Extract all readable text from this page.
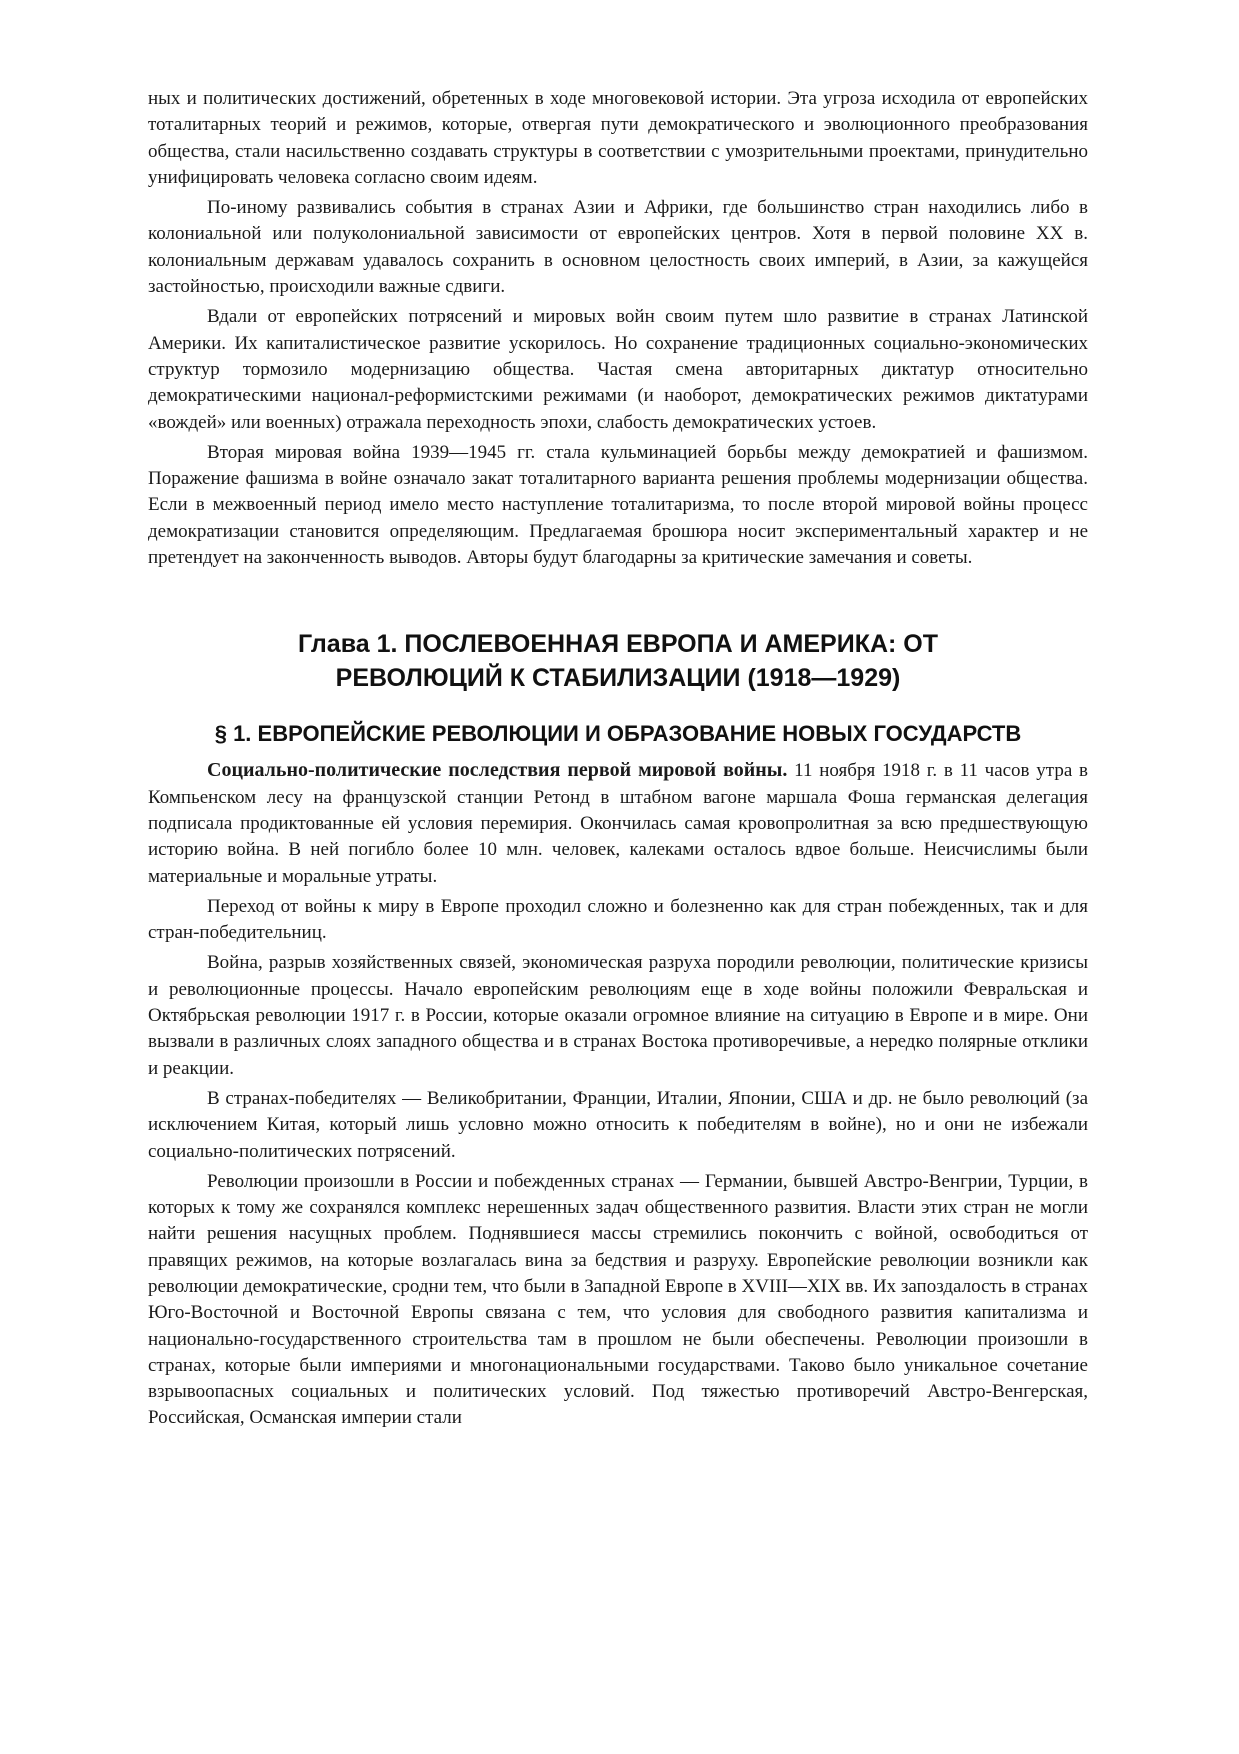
ных и политических достижений, обретенных в ходе многовековой истории. Эта угроза исходила от европейских тоталитарных теорий и режимов, которые, отвергая пути демократического и эволюционного преобразования общества, стали насильственно создавать структуры в соответствии с умозрительными проектами, принудительно унифицировать человека согласно своим идеям.

По-иному развивались события в странах Азии и Африки, где большинство стран находились либо в колониальной или полуколониальной зависимости от европейских центров. Хотя в первой половине XX в. колониальным державам удавалось сохранить в основном целостность своих империй, в Азии, за кажущейся застойностью, происходили важные сдвиги.

Вдали от европейских потрясений и мировых войн своим путем шло развитие в странах Латинской Америки. Их капиталистическое развитие ускорилось. Но сохранение традиционных социально-экономических структур тормозило модернизацию общества. Частая смена авторитарных диктатур относительно демократическими национал-реформистскими режимами (и наоборот, демократических режимов диктатурами «вождей» или военных) отражала переходность эпохи, слабость демократических устоев.

Вторая мировая война 1939—1945 гг. стала кульминацией борьбы между демократией и фашизмом. Поражение фашизма в войне означало закат тоталитарного варианта решения проблемы модернизации общества. Если в межвоенный период имело место наступление тоталитаризма, то после второй мировой войны процесс демократизации становится определяющим. Предлагаемая брошюра носит экспериментальный характер и не претендует на законченность выводов. Авторы будут благодарны за критические замечания и советы.

Глава 1. ПОСЛЕВОЕННАЯ ЕВРОПА И АМЕРИКА: ОТ
РЕВОЛЮЦИЙ К СТАБИЛИЗАЦИИ (1918—1929)
§ 1. ЕВРОПЕЙСКИЕ РЕВОЛЮЦИИ И ОБРАЗОВАНИЕ НОВЫХ ГОСУДАРСТВ

Социально-политические последствия первой мировой войны. 11 ноября 1918 г. в 11 часов утра в Компьенском лесу на французской станции Ретонд в штабном вагоне маршала Фоша германская делегация подписала продиктованные ей условия перемирия. Окончилась самая кровопролитная за всю предшествующую историю война. В ней погибло более 10 млн. человек, калеками осталось вдвое больше. Неисчислимы были материальные и моральные утраты.

Переход от войны к миру в Европе проходил сложно и болезненно как для стран побежденных, так и для стран-победительниц.

Война, разрыв хозяйственных связей, экономическая разруха породили революции, политические кризисы и революционные процессы. Начало европейским революциям еще в ходе войны положили Февральская и Октябрьская революции 1917 г. в России, которые оказали огромное влияние на ситуацию в Европе и в мире. Они вызвали в различных слоях западного общества и в странах Востока противоречивые, а нередко полярные отклики и реакции.

В странах-победителях — Великобритании, Франции, Италии, Японии, США и др. не было революций (за исключением Китая, который лишь условно можно относить к победителям в войне), но и они не избежали социально-политических потрясений.

Революции произошли в России и побежденных странах — Германии, бывшей Австро-Венгрии, Турции, в которых к тому же сохранялся комплекс нерешенных задач общественного развития. Власти этих стран не могли найти решения насущных проблем. Поднявшиеся массы стремились покончить с войной, освободиться от правящих режимов, на которые возлагалась вина за бедствия и разруху. Европейские революции возникли как революции демократические, сродни тем, что были в Западной Европе в XVIII—XIX вв. Их запоздалость в странах Юго-Восточной и Восточной Европы связана с тем, что условия для свободного развития капитализма и национально-государственного строительства там в прошлом не были обеспечены. Революции произошли в странах, которые были империями и многонациональными государствами. Таково было уникальное сочетание взрывоопасных социальных и политических условий. Под тяжестью противоречий Австро-Венгерская, Российская, Османская империи стали
